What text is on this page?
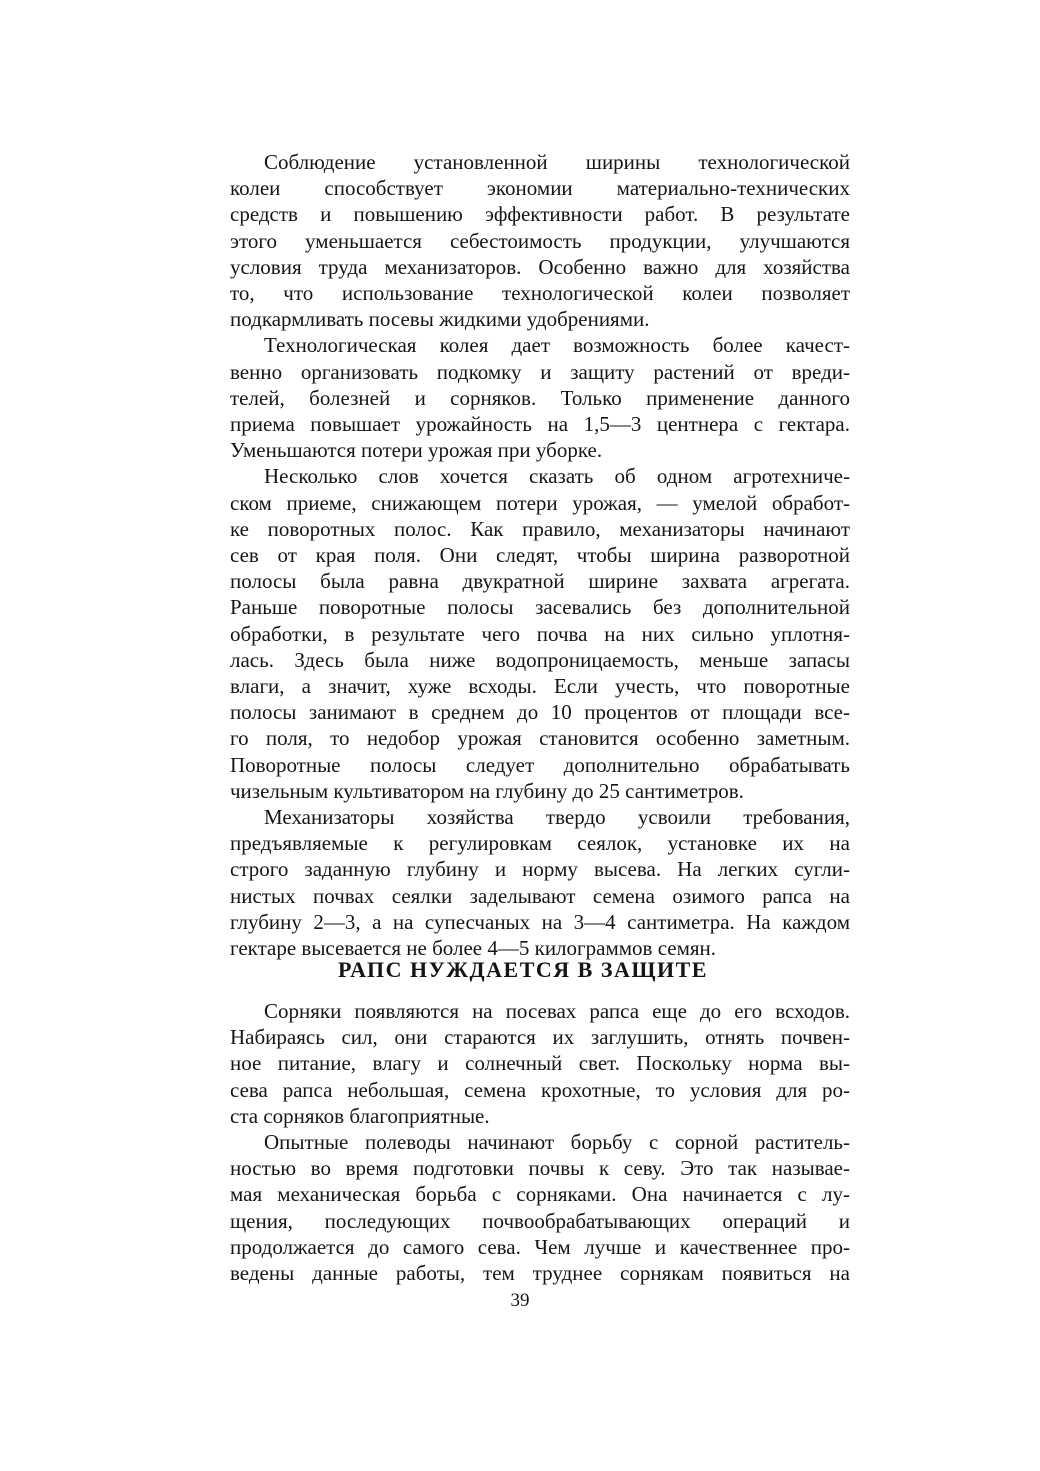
Соблюдение установленной ширины технологической
колеи способствует экономии материально-технических
средств и повышению эффективности работ. В результате
этого уменьшается себестоимость продукции, улучшаются
условия труда механизаторов. Особенно важно для хозяйства
то, что использование технологической колеи позволяет
подкармливать посевы жидкими удобрениями.
Технологическая колея дает возможность более качест-
венно организовать подкомку и защиту растений от вреди-
телей, болезней и сорняков. Только применение данного
приема повышает урожайность на 1,5—3 центнера с гектара.
Уменьшаются потери урожая при уборке.
Несколько слов хочется сказать об одном агротехниче-
ском приеме, снижающем потери урожая, — умелой обработ-
ке поворотных полос. Как правило, механизаторы начинают
сев от края поля. Они следят, чтобы ширина разворотной
полосы была равна двукратной ширине захвата агрегата.
Раньше поворотные полосы засевались без дополнительной
обработки, в результате чего почва на них сильно уплотня-
лась. Здесь была ниже водопроницаемость, меньше запасы
влаги, а значит, хуже всходы. Если учесть, что поворотные
полосы занимают в среднем до 10 процентов от площади все-
го поля, то недобор урожая становится особенно заметным.
Поворотные полосы следует дополнительно обрабатывать
чизельным культиватором на глубину до 25 сантиметров.
Механизаторы хозяйства твердо усвоили требования,
предъявляемые к регулировкам сеялок, установке их на
строго заданную глубину и норму высева. На легких сугли-
нистых почвах сеялки заделывают семена озимого рапса на
глубину 2—3, а на супесчаных на 3—4 сантиметра. На каждом
гектаре высевается не более 4—5 килограммов семян.
РАПС НУЖДАЕТСЯ В ЗАЩИТЕ
Сорняки появляются на посевах рапса еще до его всходов.
Набираясь сил, они стараются их заглушить, отнять почвен-
ное питание, влагу и солнечный свет. Поскольку норма вы-
сева рапса небольшая, семена крохотные, то условия для ро-
ста сорняков благоприятные.
Опытные полеводы начинают борьбу с сорной раститель-
ностью во время подготовки почвы к севу. Это так называе-
мая механическая борьба с сорняками. Она начинается с лу-
щения, последующих почвообрабатывающих операций и
продолжается до самого сева. Чем лучше и качественнее про-
ведены данные работы, тем труднее сорнякам появиться на
39
